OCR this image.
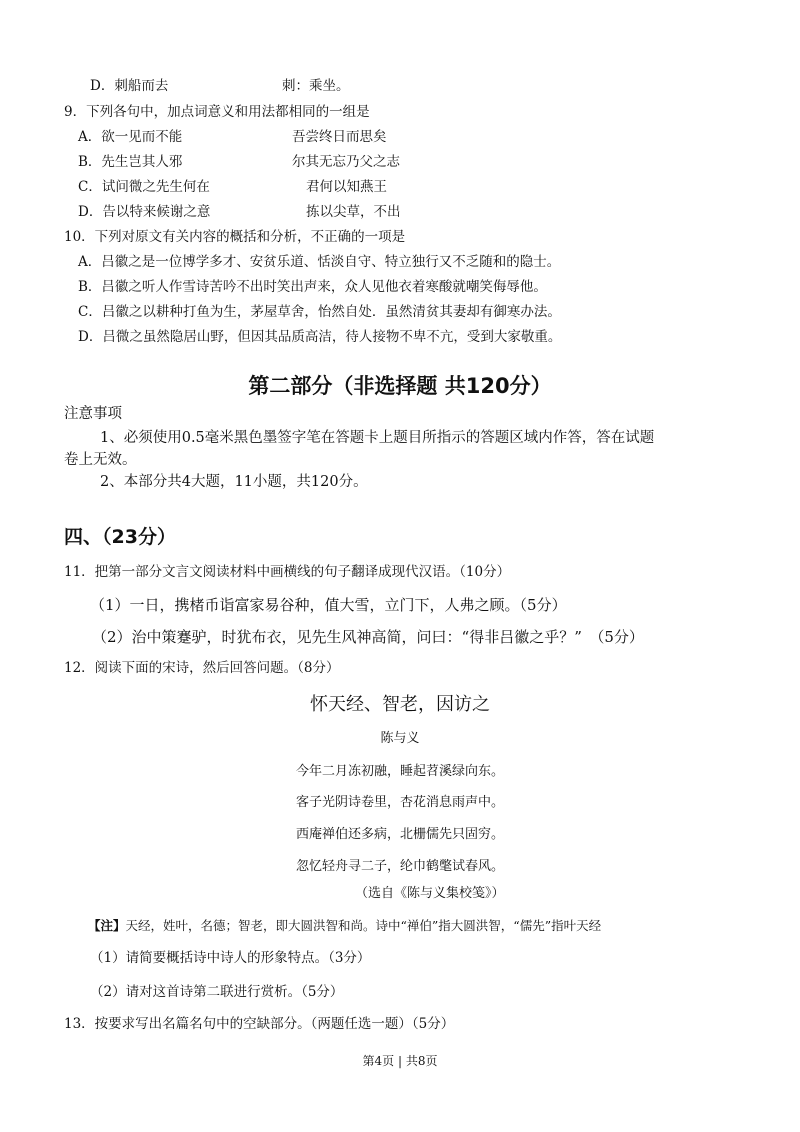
D．刺船而去	刺：乘坐。
9．下列各句中，加点词意义和用法都相同的一组是
A．欲一见而不能	吾尝终日而思矣
B．先生岂其人邪	尔其无忘乃父之志
C．试问微之先生何在	君何以知燕王
D．告以特来候谢之意	拣以尖草，不出
10．下列对原文有关内容的概括和分析，不正确的一项是
A．吕徽之是一位博学多才、安贫乐道、恬淡自守、特立独行又不乏随和的隐士。
B．吕徽之听人作雪诗苦吟不出时笑出声来，众人见他衣着寒酸就嘲笑侮辱他。
C．吕徽之以耕种打鱼为生，茅屋草舍，怡然自处．虽然清贫其妻却有御寒办法。
D．吕微之虽然隐居山野，但因其品质高洁，待人接物不卑不亢，受到大家敬重。
第二部分（非选择题 共120分）
注意事项
1、必须使用0.5毫米黑色墨签字笔在答题卡上题目所指示的答题区域内作答，答在试题
卷上无效。
2、本部分共4大题，11小题，共120分。
四、（23分）
11．把第一部分文言文阅读材料中画横线的句子翻译成现代汉语。（10分）
（1）一日，携楮币诣富家易谷种，值大雪，立门下，人弗之顾。（5分）
（2）治中策蹇驴，时犹布衣，见先生风神高简，问曰：“得非吕徽之乎？”　（5分）
12．阅读下面的宋诗，然后回答问题。（8分）
怀天经、智老，因访之
陈与义
今年二月冻初融，睡起苕溪绿向东。
客子光阴诗卷里，杏花消息雨声中。
西庵禅伯还多病，北栅儒先只固穷。
忽忆轻舟寻二子，纶巾鹤氅试春风。
（选自《陈与义集校笺》）
【注】天经，姓叶，名德；智老，即大圆洪智和尚。诗中“禅伯”指大圆洪智，“儒先”指叶天经
（1）请简要概括诗中诗人的形象特点。（3分）
（2）请对这首诗第二联进行赏析。（5分）
13．按要求写出名篇名句中的空缺部分。（两题任选一题）（5分）
第4页 | 共8页
